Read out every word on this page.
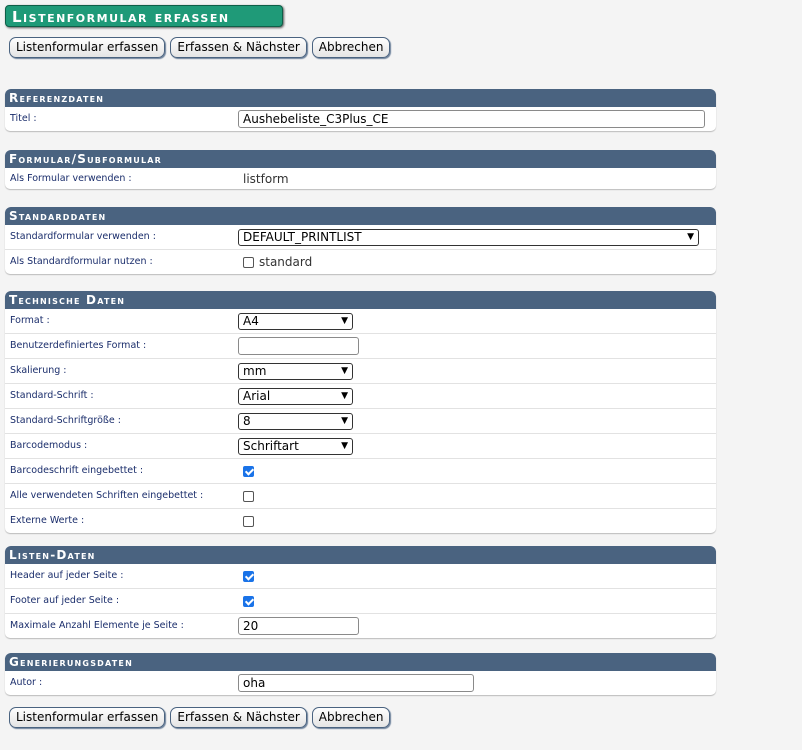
Listenformular erfassen
Listenformular erfassen	Erfassen & Nächster	Abbrechen
Referenzdaten
Titel :
Aushebeliste_C3Plus_CE
Formular/Subformular
Als Formular verwenden :	listform
Standarddaten
Standardformular verwenden :	DEFAULT_PRINTLIST	▼
Als Standardformular nutzen :	standard
Technische Daten
Format :	A4	▼
Benutzerdefiniertes Format :
Skalierung :	mm	▼
Standard-Schrift :	Arial	▼
Standard-Schriftgröße :	8	▼
Barcodemodus :	Schriftart	▼
Barcodeschrift eingebettet :
Alle verwendeten Schriften eingebettet :
Externe Werte :
Listen-Daten
Header auf jeder Seite :
Footer auf jeder Seite :
Maximale Anzahl Elemente je Seite :
20
Generierungsdaten
Autor :
oha
Listenformular erfassen	Erfassen & Nächster	Abbrechen
